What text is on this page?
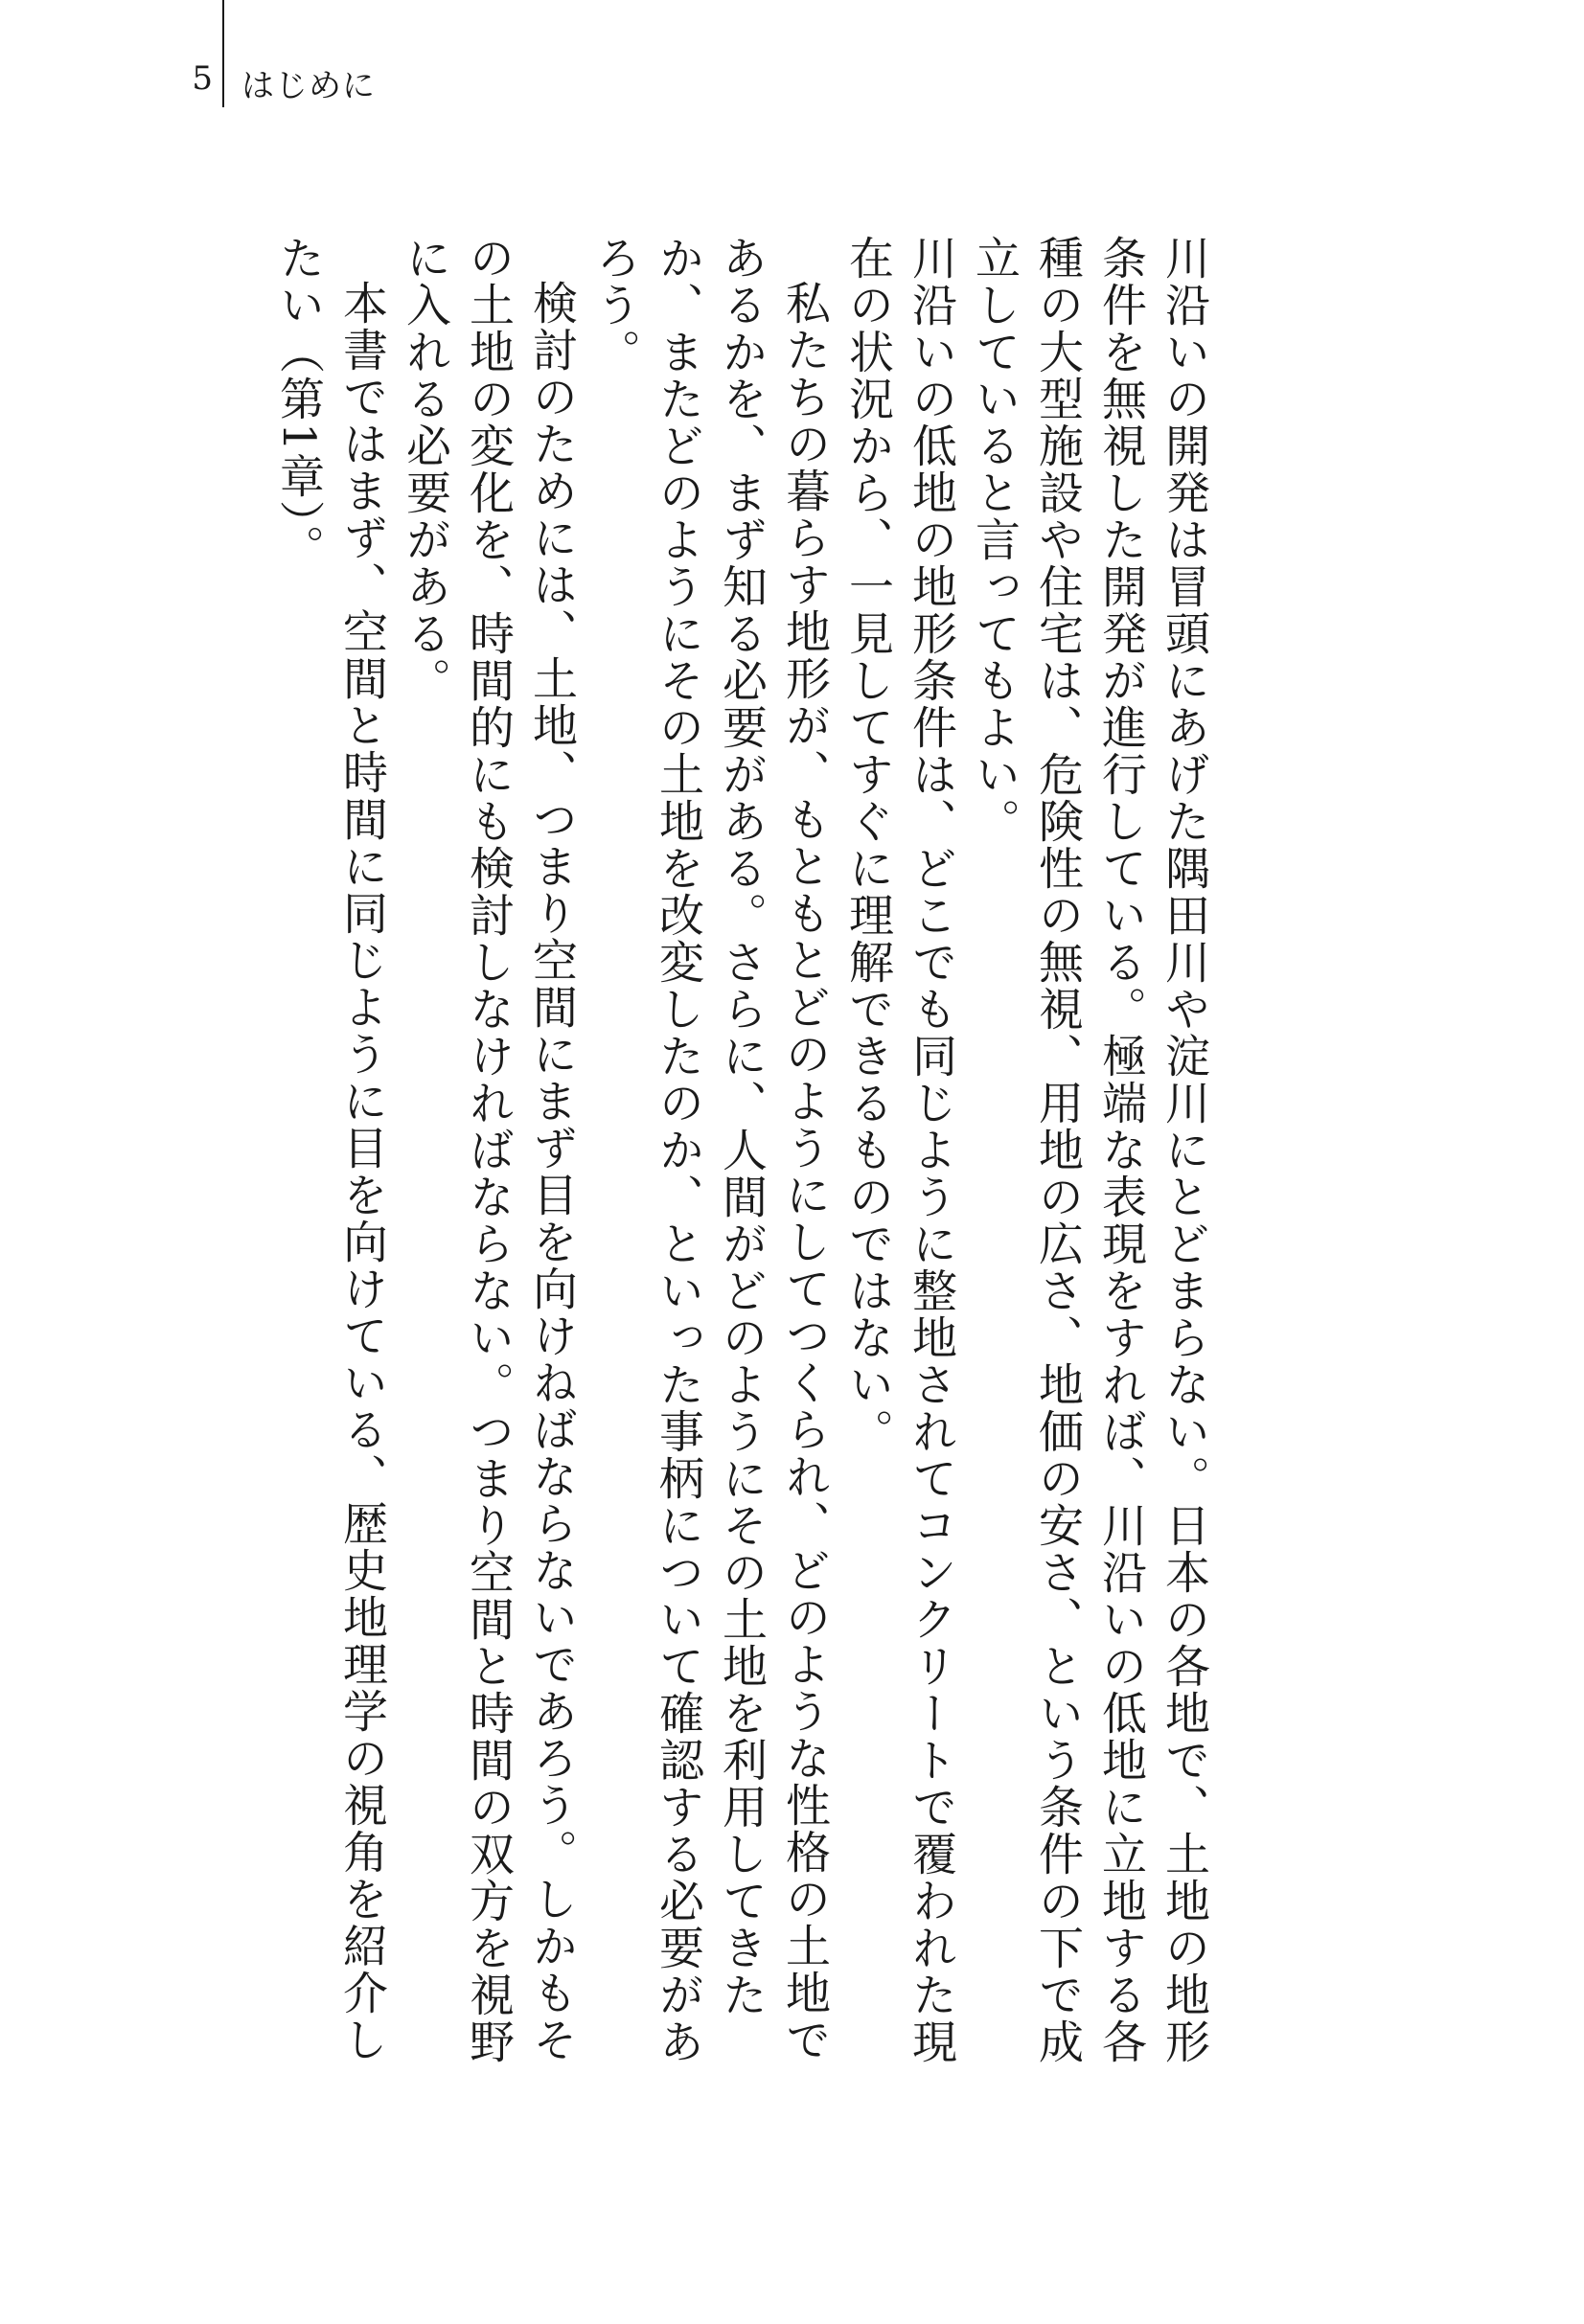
5 はじめに

川沿いの開発は冒頭にあげた隅田川や淀川にとどまらない。日本の各地で、土地の地形条件を無視した開発が進行している。極端な表現をすれば、川沿いの低地に立地する各種の大型施設や住宅は、危険性の無視、用地の広さ、地価の安さ、という条件の下で成立していると言ってもよい。

川沿いの低地の地形条件は、どこでも同じように整地されてコンクリートで覆われた現在の状況から、一見してすぐに理解できるものではない。

私たちの暮らす地形が、もともとどのようにしてつくられ、どのような性格の土地であるかを、まず知る必要がある。さらに、人間がどのようにその土地を利用してきたか、またどのようにその土地を改変したのか、といった事柄について確認する必要があろう。

検討のためには、土地、つまり空間にまず目を向けねばならないであろう。しかもその土地の変化を、時間的にも検討しなければならない。つまり空間と時間の双方を視野に入れる必要がある。

本書ではまず、空間と時間に同じように目を向けている、歴史地理学の視角を紹介したい（第1章）。
